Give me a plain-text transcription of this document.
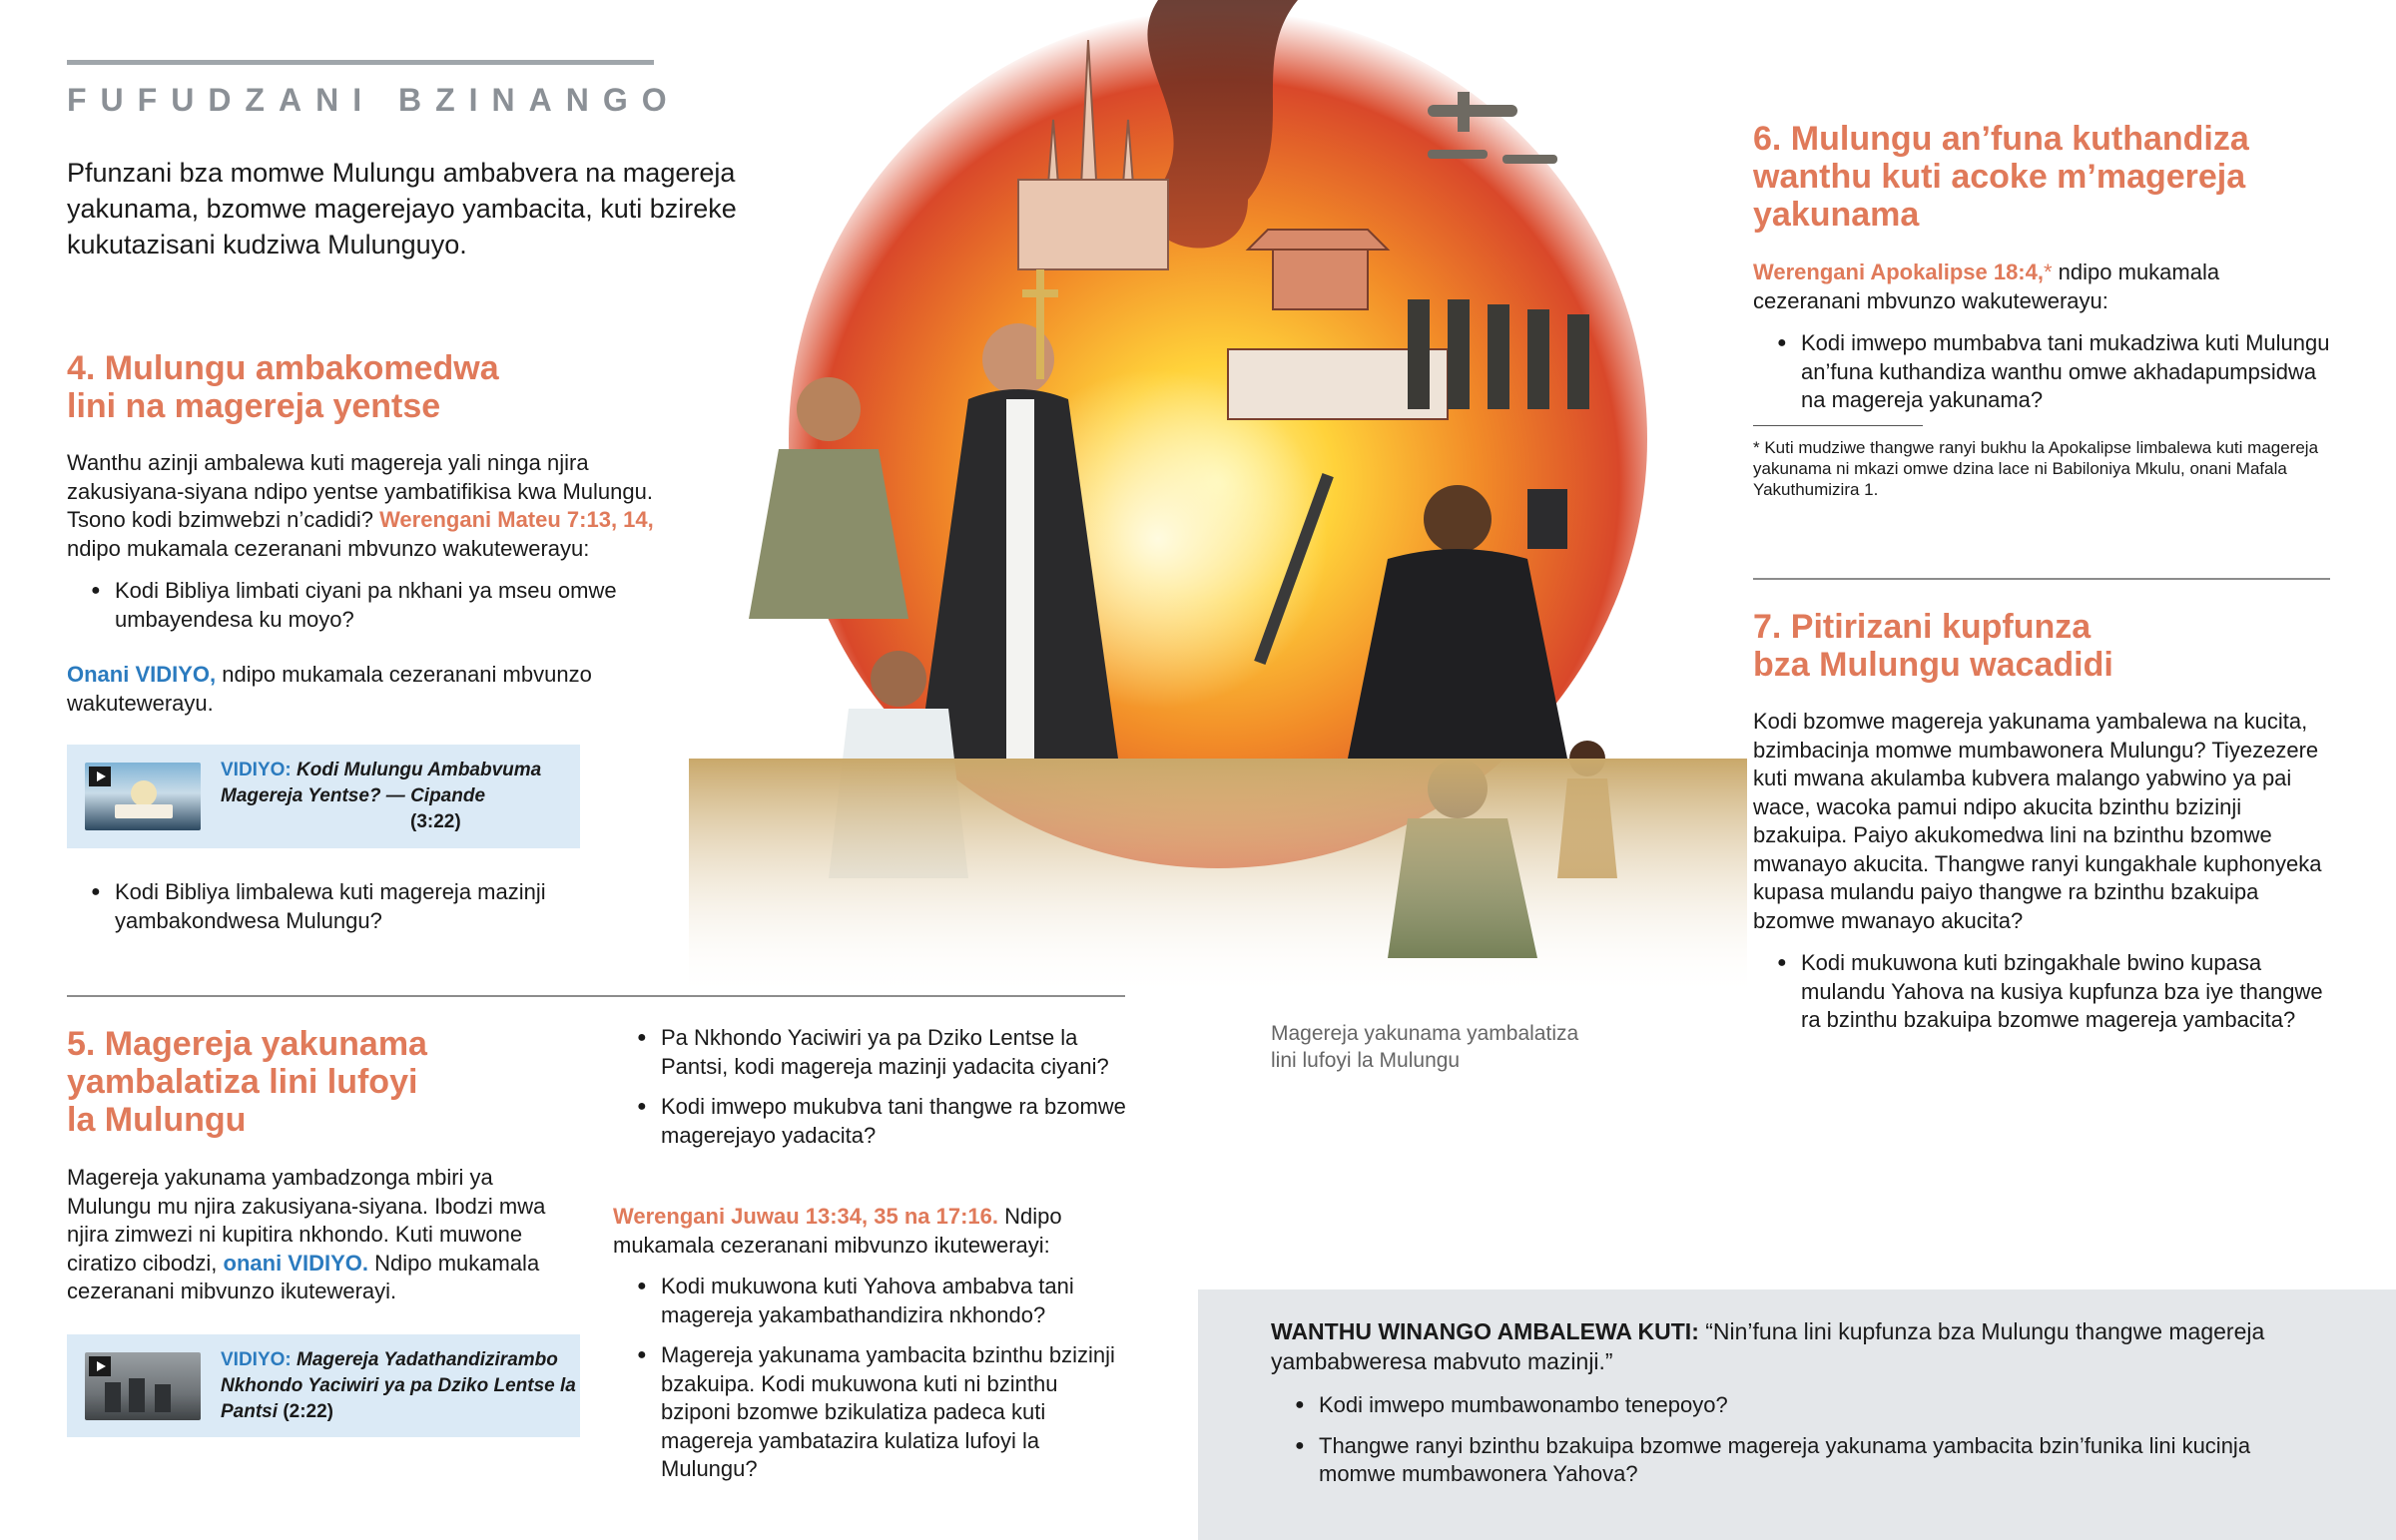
FUFUDZANI BZINANGO

Pfunzani bza momwe Mulungu ambabvera na magereja yakunama, bzomwe magerejayo yambacita, kuti bzireke kukutazisani kudziwa Mulunguyo.

4. Mulungu ambakomedwa
lini na magereja yentse

Wanthu azinji ambalewa kuti magereja yali ninga njira zakusiyana-siyana ndipo yentse yambatifikisa kwa Mulungu. Tsono kodi bzimwebzi n’cadidi? Werengani Mateu 7:13, 14, ndipo mukamala cezeranani mbvunzo wakutewerayu:

● Kodi Bibliya limbati ciyani pa nkhani ya mseu omwe umbayendesa ku moyo?

Onani VIDIYO, ndipo mukamala cezeranani mbvunzo wakutewerayu.

VIDIYO: Kodi Mulungu Ambabvuma Magereja Yentse? — Cipande
(3:22)
● Kodi Bibliya limbalewa kuti magereja mazinji yambakondwesa Mulungu?
5. Magereja yakunama
yambalatiza lini lufoyi
la Mulungu

Magereja yakunama yambadzonga mbiri ya Mulungu mu njira zakusiyana-siyana. Ibodzi mwa njira zimwezi ni kupitira nkhondo. Kuti muwone ciratizo cibodzi, onani VIDIYO. Ndipo mukamala cezeranani mibvunzo ikutewerayi.

VIDIYO: Magereja Yadathandizirambo Nkhondo Yaciwiri ya pa Dziko Lentse la Pantsi (2:22)
● Pa Nkhondo Yaciwiri ya pa Dziko Lentse la Pantsi, kodi magereja mazinji yadacita ciyani?
● Kodi imwepo mukubva tani thangwe ra bzomwe magerejayo yadacita?

Werengani Juwau 13:34, 35 na 17:16. Ndipo mukamala cezeranani mibvunzo ikutewerayi:

● Kodi mukuwona kuti Yahova ambabva tani magereja yakambathandizira nkhondo?
● Magereja yakunama yambacita bzinthu bzizinji bzakuipa. Kodi mukuwona kuti ni bzinthu bziponi bzomwe bzikulatiza padeca kuti magereja yambatazira kulatiza lufoyi la Mulungu?
Magereja yakunama yambalatiza
lini lufoyi la Mulungu
6. Mulungu an’funa kuthandiza
wanthu kuti acoke m’magereja
yakunama

Werengani Apokalipse 18:4,* ndipo mukamala cezeranani mbvunzo wakutewerayu:

● Kodi imwepo mumbabva tani mukadziwa kuti Mulungu an’funa kuthandiza wanthu omwe akhadapumpsidwa na magereja yakunama?

* Kuti mudziwe thangwe ranyi bukhu la Apokalipse limbalewa kuti magereja yakunama ni mkazi omwe dzina lace ni Babiloniya Mkulu, onani Mafala Yakuthumizira 1.

7. Pitirizani kupfunza
bza Mulungu wacadidi

Kodi bzomwe magereja yakunama yambalewa na kucita, bzimbacinja momwe mumbawonera Mulungu? Tiyezezere kuti mwana akulamba kubvera malango yabwino ya pai wace, wacoka pamui ndipo akucita bzinthu bzizinji bzakuipa. Paiyo akukomedwa lini na bzinthu bzomwe mwanayo akucita. Thangwe ranyi kungakhale kuphonyeka kupasa mulandu paiyo thangwe ra bzinthu bzakuipa bzomwe mwanayo akucita?

● Kodi mukuwona kuti bzingakhale bwino kupasa mulandu Yahova na kusiya kupfunza bza iye thangwe ra bzinthu bzakuipa bzomwe magereja yambacita?

WANTHU WINANGO AMBALEWA KUTI: “Nin’funa lini kupfunza bza Mulungu thangwe magereja yambabweresa mabvuto mazinji.”

● Kodi imwepo mumbawonambo tenepoyo?
● Thangwe ranyi bzinthu bzakuipa bzomwe magereja yakunama yambacita bzin’funika lini kucinja momwe mumbawonera Yahova?
